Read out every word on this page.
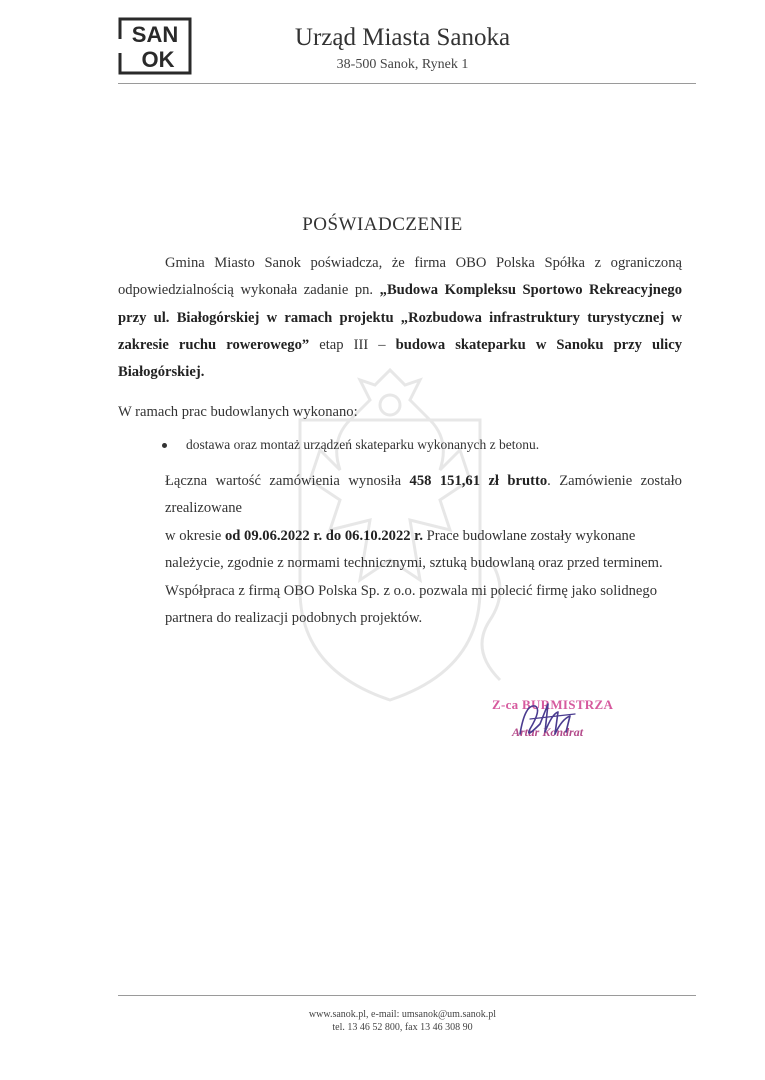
SAN
OK
Urząd Miasta Sanoka
38-500 Sanok, Rynek 1
POŚWIADCZENIE

Gmina Miasto Sanok poświadcza, że firma OBO Polska Spółka z ograniczoną odpowiedzialnością wykonała zadanie pn. „Budowa Kompleksu Sportowo Rekreacyjnego przy ul. Białogórskiej w ramach projektu „Rozbudowa infrastruktury turystycznej w zakresie ruchu rowerowego” etap III – budowa skateparku w Sanoku przy ulicy Białogórskiej.

W ramach prac budowlanych wykonano:

dostawa oraz montaż urządzeń skateparku wykonanych z betonu.

Łączna wartość zamówienia wynosiła 458 151,61 zł brutto. Zamówienie zostało zrealizowane

w okresie od 09.06.2022 r. do 06.10.2022 r. Prace budowlane zostały wykonane należycie, zgodnie z normami technicznymi, sztuką budowlaną oraz przed terminem. Współpraca z firmą OBO Polska Sp. z o.o. pozwala mi polecić firmę jako solidnego partnera do realizacji podobnych projektów.

Z-ca BURMISTRZA
Artur Kondrat
www.sanok.pl, e-mail: umsanok@um.sanok.pl
tel. 13 46 52 800, fax 13 46 308 90
